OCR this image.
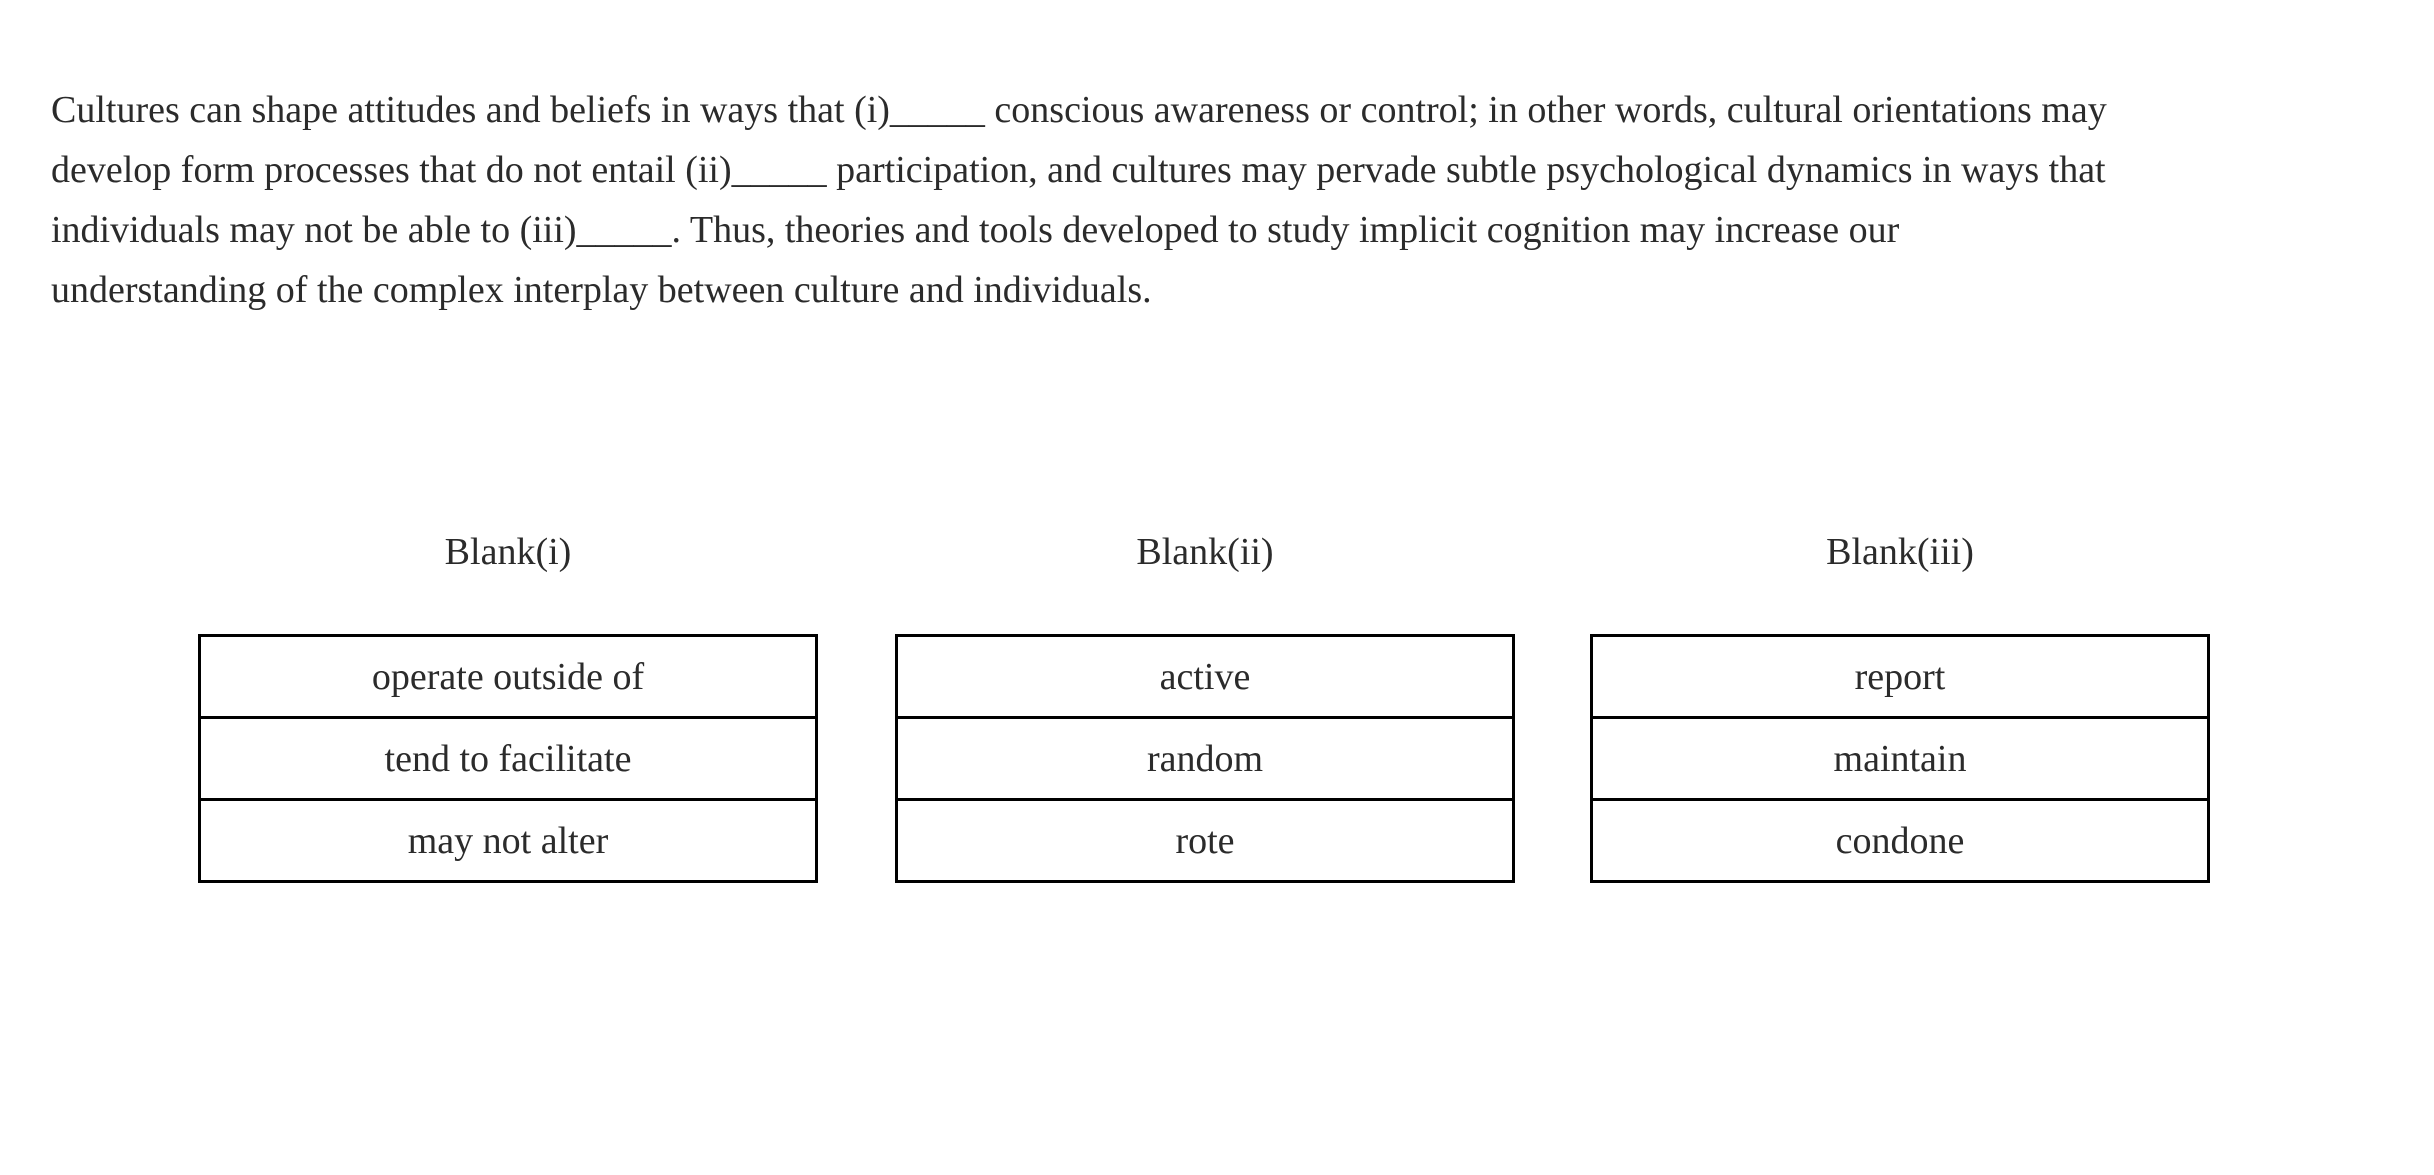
Cultures can shape attitudes and beliefs in ways that (i)_____ conscious awareness or control; in other words, cultural orientations may
develop form processes that do not entail (ii)_____ participation, and cultures may pervade subtle psychological dynamics in ways that
individuals may not be able to (iii)_____. Thus, theories and tools developed to study implicit cognition may increase our
understanding of the complex interplay between culture and individuals.
Blank(i)	Blank(ii)	Blank(iii)
operate outside of
tend to facilitate
may not alter
active
random
rote
report
maintain
condone
